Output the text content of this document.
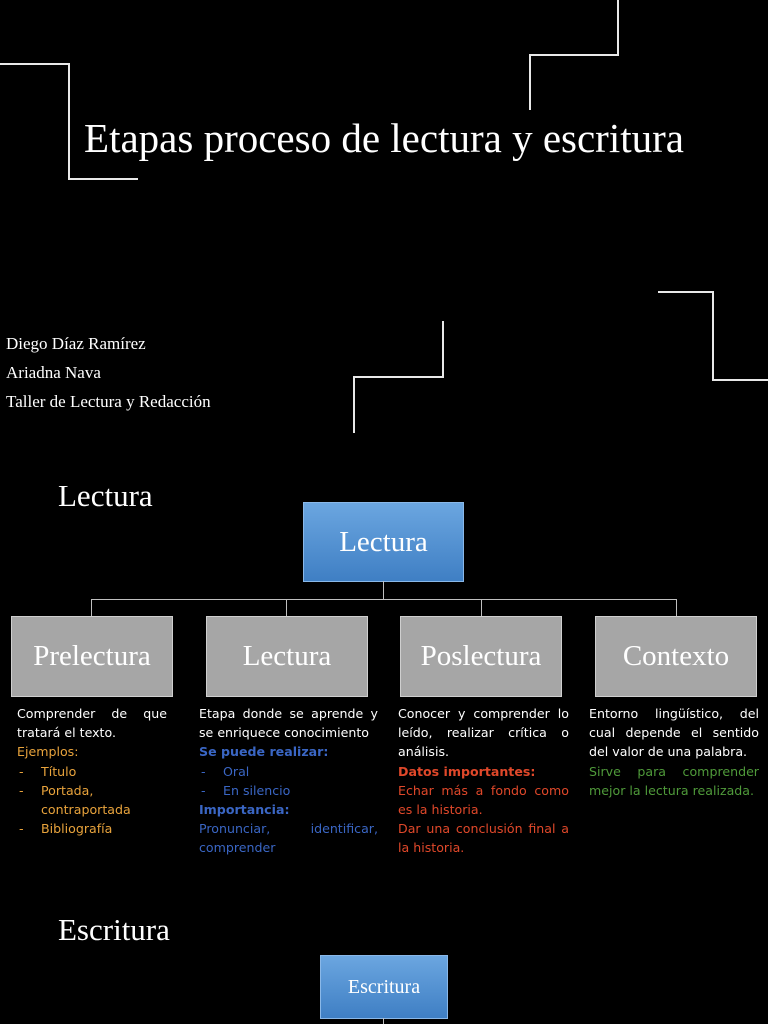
Etapas proceso de lectura y escritura
Diego Díaz Ramírez
Ariadna Nava
Taller de Lectura y Redacción
Lectura
Lectura
Prelectura	Lectura	Poslectura	Contexto
Comprender de que tratará el texto.
Ejemplos:
-	Título
-	Portada, contraportada
-	Bibliografía
Etapa donde se aprende y se enriquece conocimiento
Se puede realizar:
-	Oral
-	En silencio
Importancia:
Pronunciar, identificar, comprender
Conocer y comprender lo leído, realizar crítica o análisis.
Datos importantes:
Echar más a fondo como es la historia.
Dar una conclusión final a la historia.
Entorno lingüístico, del cual depende el sentido del valor de una palabra.
Sirve para comprender mejor la lectura realizada.
Escritura
Escritura
